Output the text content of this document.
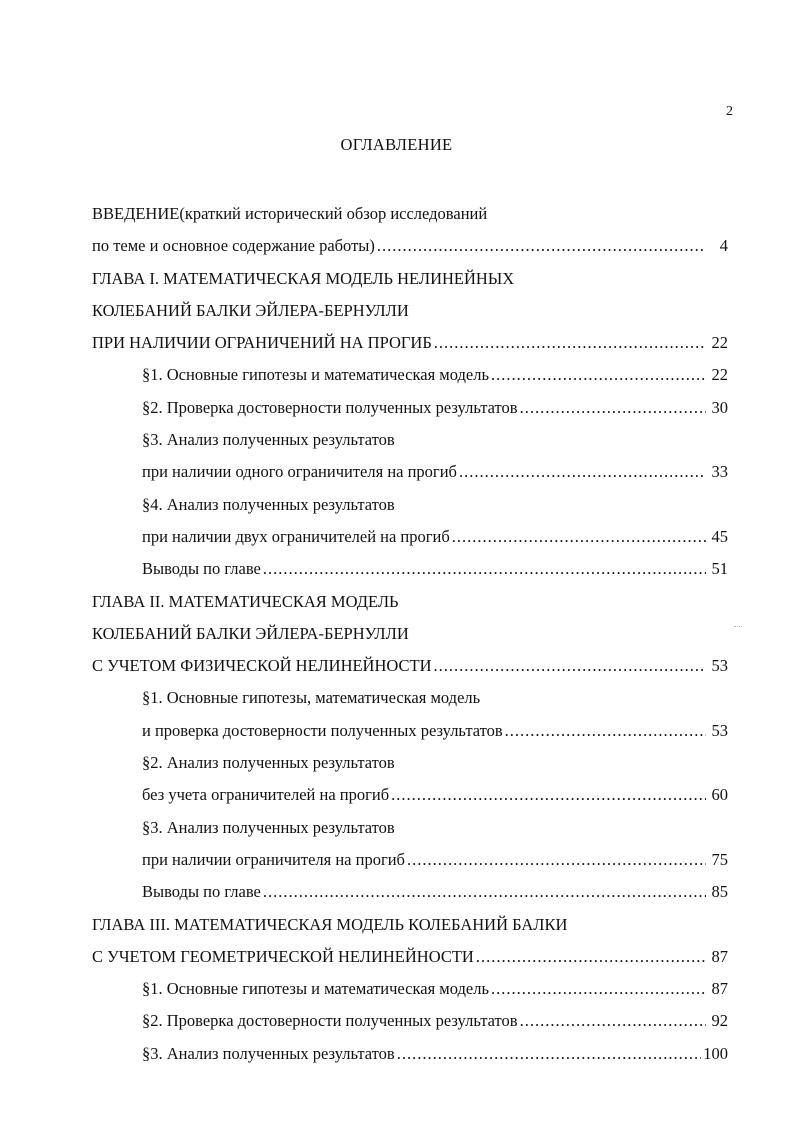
2
ОГЛАВЛЕНИЕ
ВВЕДЕНИЕ(краткий исторический обзор исследований
по теме и основное содержание работы) .....	4
ГЛАВА I. МАТЕМАТИЧЕСКАЯ МОДЕЛЬ НЕЛИНЕЙНЫХ
КОЛЕБАНИЙ БАЛКИ ЭЙЛЕРА-БЕРНУЛЛИ
ПРИ НАЛИЧИИ ОГРАНИЧЕНИЙ НА ПРОГИБ .....	22
§1. Основные гипотезы и математическая модель .....	22
§2. Проверка достоверности полученных результатов .....	30
§3. Анализ полученных результатов
при наличии одного ограничителя на прогиб .....	33
§4. Анализ полученных результатов
при наличии двух ограничителей на прогиб .....	45
Выводы по главе .....	51
ГЛАВА II. МАТЕМАТИЧЕСКАЯ МОДЕЛЬ
КОЛЕБАНИЙ БАЛКИ ЭЙЛЕРА-БЕРНУЛЛИ
С УЧЕТОМ ФИЗИЧЕСКОЙ НЕЛИНЕЙНОСТИ .....	53
§1. Основные гипотезы, математическая модель
и проверка достоверности полученных результатов .....	53
§2. Анализ полученных результатов
без учета ограничителей на прогиб .....	60
§3. Анализ полученных результатов
при наличии ограничителя на прогиб .....	75
Выводы по главе .....	85
ГЛАВА III. МАТЕМАТИЧЕСКАЯ МОДЕЛЬ КОЛЕБАНИЙ БАЛКИ
С УЧЕТОМ ГЕОМЕТРИЧЕСКОЙ НЕЛИНЕЙНОСТИ .....	87
§1. Основные гипотезы и математическая модель .....	87
§2. Проверка достоверности полученных результатов .....	92
§3. Анализ полученных результатов .....	100
